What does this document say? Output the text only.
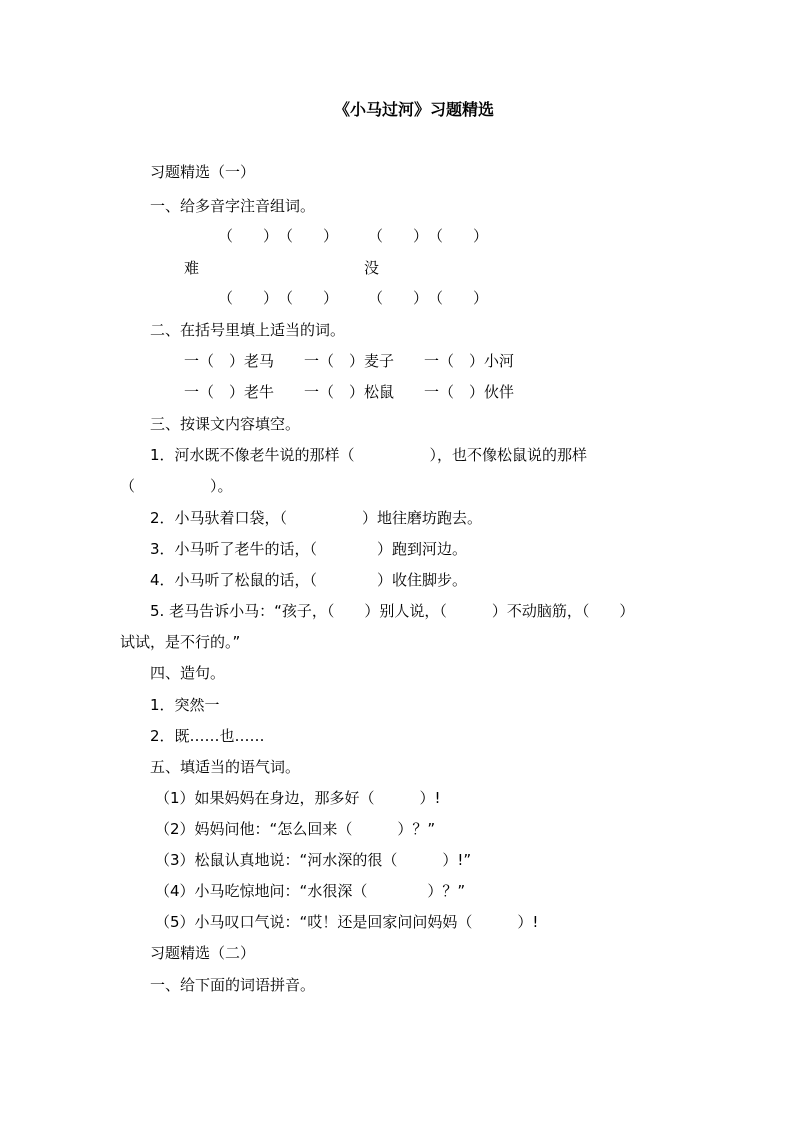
《小马过河》习题精选
习题精选（一）
一、给多音字注音组词。
（　　）　（　　）　　　（　　）　（　　）
难　　　　　　　　　　　没
（　　）　（　　）　　　（　　）　（　　）
二、在括号里填上适当的词。
一（　）老马　　一（　）麦子　　一（　）小河
一（　）老牛　　一（　）松鼠　　一（　）伙伴
三、按课文内容填空。
1．河水既不像老牛说的那样（　　　　　），也不像松鼠说的那样
（　　　　　）。
2．小马驮着口袋，（　　　　　）地往磨坊跑去。
3．小马听了老牛的话，（　　　　）跑到河边。
4．小马听了松鼠的话，（　　　　）收住脚步。
5. 老马告诉小马：“孩子，（　　）别人说，（　　　）不动脑筋，（　　）
试试，是不行的。”
四、造句。
1．突然一
2．既……也……
五、填适当的语气词。
（1）如果妈妈在身边，那多好（　　　）!
（2）妈妈问他：“怎么回来（　　　）？”
（3）松鼠认真地说：“河水深的很（　　　）!”
（4）小马吃惊地问：“水很深（　　　　）？”
（5）小马叹口气说：“哎！还是回家问问妈妈（　　　）!
习题精选（二）
一、给下面的词语拼音。
